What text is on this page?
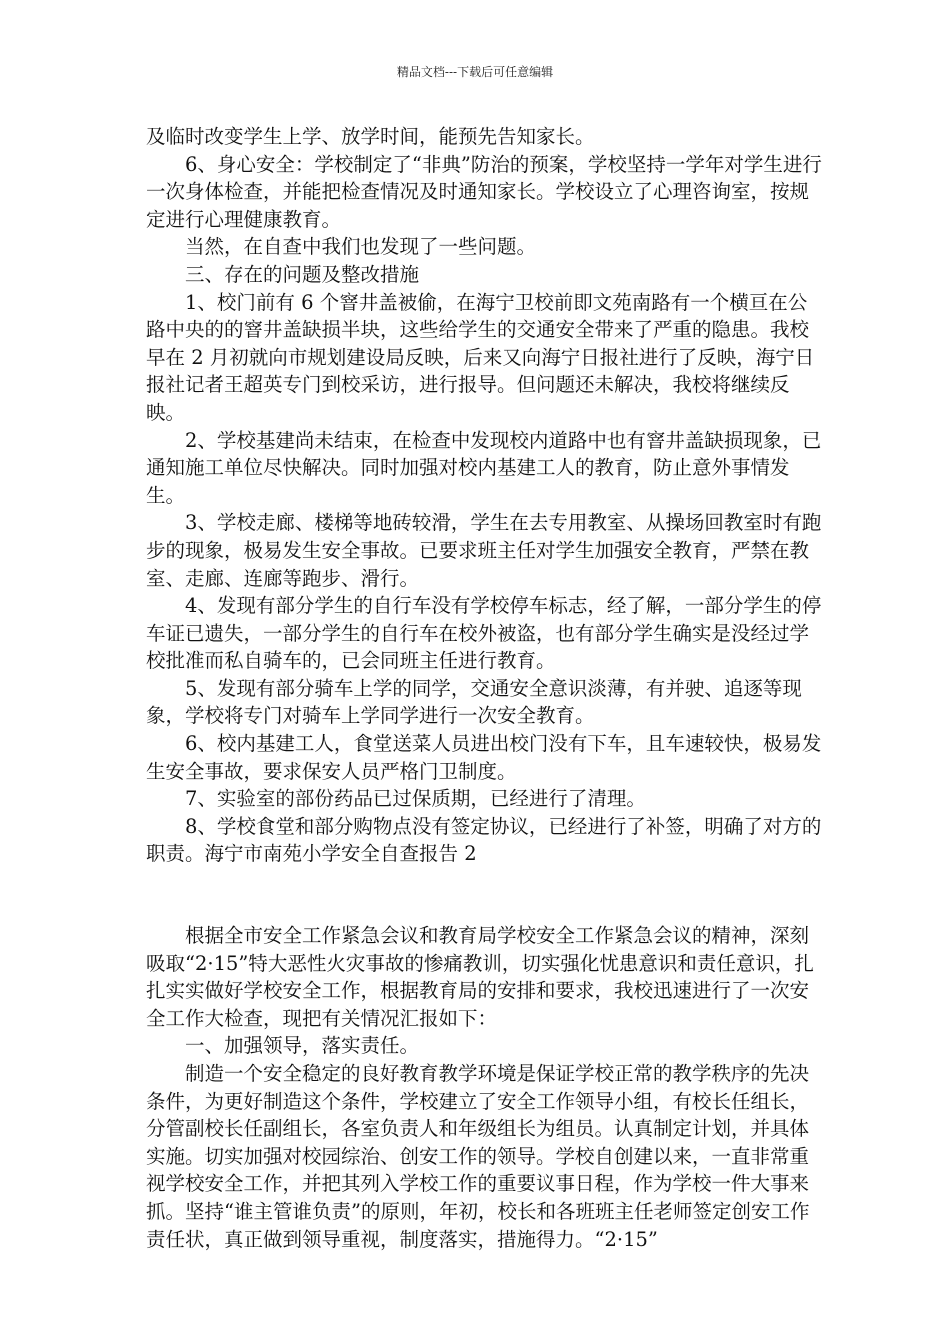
精品文档---下载后可任意编辑

及临时改变学生上学、放学时间，能预先告知家长。

6、身心安全：学校制定了“非典”防治的预案，学校坚持一学年对学生进行一次身体检查，并能把检查情况及时通知家长。学校设立了心理咨询室，按规定进行心理健康教育。

当然，在自查中我们也发现了一些问题。

三、存在的问题及整改措施

1、校门前有 6 个窨井盖被偷，在海宁卫校前即文苑南路有一个横亘在公路中央的的窨井盖缺损半块，这些给学生的交通安全带来了严重的隐患。我校早在 2 月初就向市规划建设局反映，后来又向海宁日报社进行了反映，海宁日报社记者王超英专门到校采访，进行报导。但问题还未解决，我校将继续反映。

2、学校基建尚未结束，在检查中发现校内道路中也有窨井盖缺损现象，已通知施工单位尽快解决。同时加强对校内基建工人的教育，防止意外事情发生。

3、学校走廊、楼梯等地砖较滑，学生在去专用教室、从操场回教室时有跑步的现象，极易发生安全事故。已要求班主任对学生加强安全教育，严禁在教室、走廊、连廊等跑步、滑行。

4、发现有部分学生的自行车没有学校停车标志，经了解，一部分学生的停车证已遗失，一部分学生的自行车在校外被盗，也有部分学生确实是没经过学校批准而私自骑车的，已会同班主任进行教育。

5、发现有部分骑车上学的同学，交通安全意识淡薄，有并驶、追逐等现象，学校将专门对骑车上学同学进行一次安全教育。

6、校内基建工人，食堂送菜人员进出校门没有下车，且车速较快，极易发生安全事故，要求保安人员严格门卫制度。

7、实验室的部份药品已过保质期，已经进行了清理。

8、学校食堂和部分购物点没有签定协议，已经进行了补签，明确了对方的职责。海宁市南苑小学安全自查报告 2

根据全市安全工作紧急会议和教育局学校安全工作紧急会议的精神，深刻吸取“2·15”特大恶性火灾事故的惨痛教训，切实强化忧患意识和责任意识，扎扎实实做好学校安全工作，根据教育局的安排和要求，我校迅速进行了一次安全工作大检查，现把有关情况汇报如下：

一、加强领导，落实责任。

制造一个安全稳定的良好教育教学环境是保证学校正常的教学秩序的先决条件，为更好制造这个条件，学校建立了安全工作领导小组，有校长任组长，分管副校长任副组长，各室负责人和年级组长为组员。认真制定计划，并具体实施。切实加强对校园综治、创安工作的领导。学校自创建以来，一直非常重视学校安全工作，并把其列入学校工作的重要议事日程，作为学校一件大事来抓。坚持“谁主管谁负责”的原则，年初，校长和各班班主任老师签定创安工作责任状，真正做到领导重视，制度落实，措施得力。“2·15”
